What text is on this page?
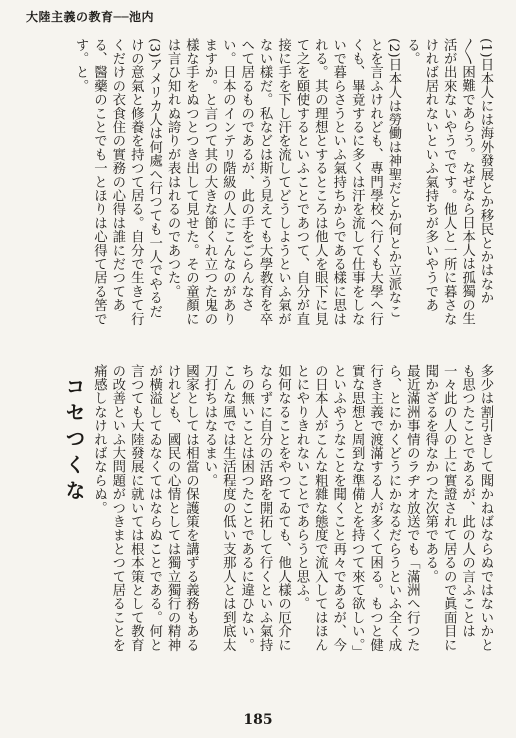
大陸主義の教育──池内
(1)日本人には海外發展とか移民とかはなか〳〵困難であらう。なぜなら日本人は孤獨の生活が出來ないやうでです。他人と一所に暮さなければ居れないといふ氣持ちが多いやうである。
(2)日本人は勞働は神聖だとか何とか立派なことを言ふけれども、專門學校へ行くも大學へ行くも、畢竟するに多くは汗を流して仕事をしないで暮らさうといふ氣持ちからである樣に思はれる。其の理想とするところは他人を眼下に見て之を頤使するといふことであつて、自分が直接に手を下し汗を流してどうしようといふ氣がない樣だ。私などは斯う見えても大學教育を卒へて居るものであるが、此の手をごらんなさい。日本のインテリ階級の人にこんなのがありますか。と言つて其の大きな節くれ立つた鬼の樣な手をぬつとつき出して見せた。その童顏には言ひ知れぬ誇りが表はれるのであつた。
(3)アメリカ人は何處へ行つても一人でやるだけの意氣と修養を持つて居る。自分で生きて行くだけの衣食住の實務の心得は誰にだつてある、醫藥のことでも一とほりは心得て居る筈です。と。
多少は割引きして聞かねばならぬではないかとも思つたことであるが、此の人の言ふことは一々此の人の上に實證されて居るので眞面目に聞かざるを得なかつた次第である。
最近滿洲事情のラヂオ放送でも「滿洲へ行つたら、とにかくどうにかなるだらうといふ全く成行き主義で渡滿する人が多くて困る。もつと健實な思想と周到な準備とを持つて來て欲しい。」といふやうなことを聞くこと再々であるが、今の日本人がこんな粗雜な態度で流入してはほんとにやりきれないことであらうと思ふ。
如何なることをやつてゐても、他人樣の厄介にならずに自分の活路を開拓して行くといふ氣持ちの無いことは困つたことであるに違ひない。こんな風では生活程度の低い支那人とは到底太刀打ちはなるまい。
國家としては相當の保護策を講ずる義務もあるけれども、國民の心情としては獨立獨行の精神が橫溢してゐなくてはならぬことである。何と言つても大陸發展に就いては根本策として教育の改善といふ大問題がつきまとつて居ることを痛感しなければならぬ。
コセつくな
185
